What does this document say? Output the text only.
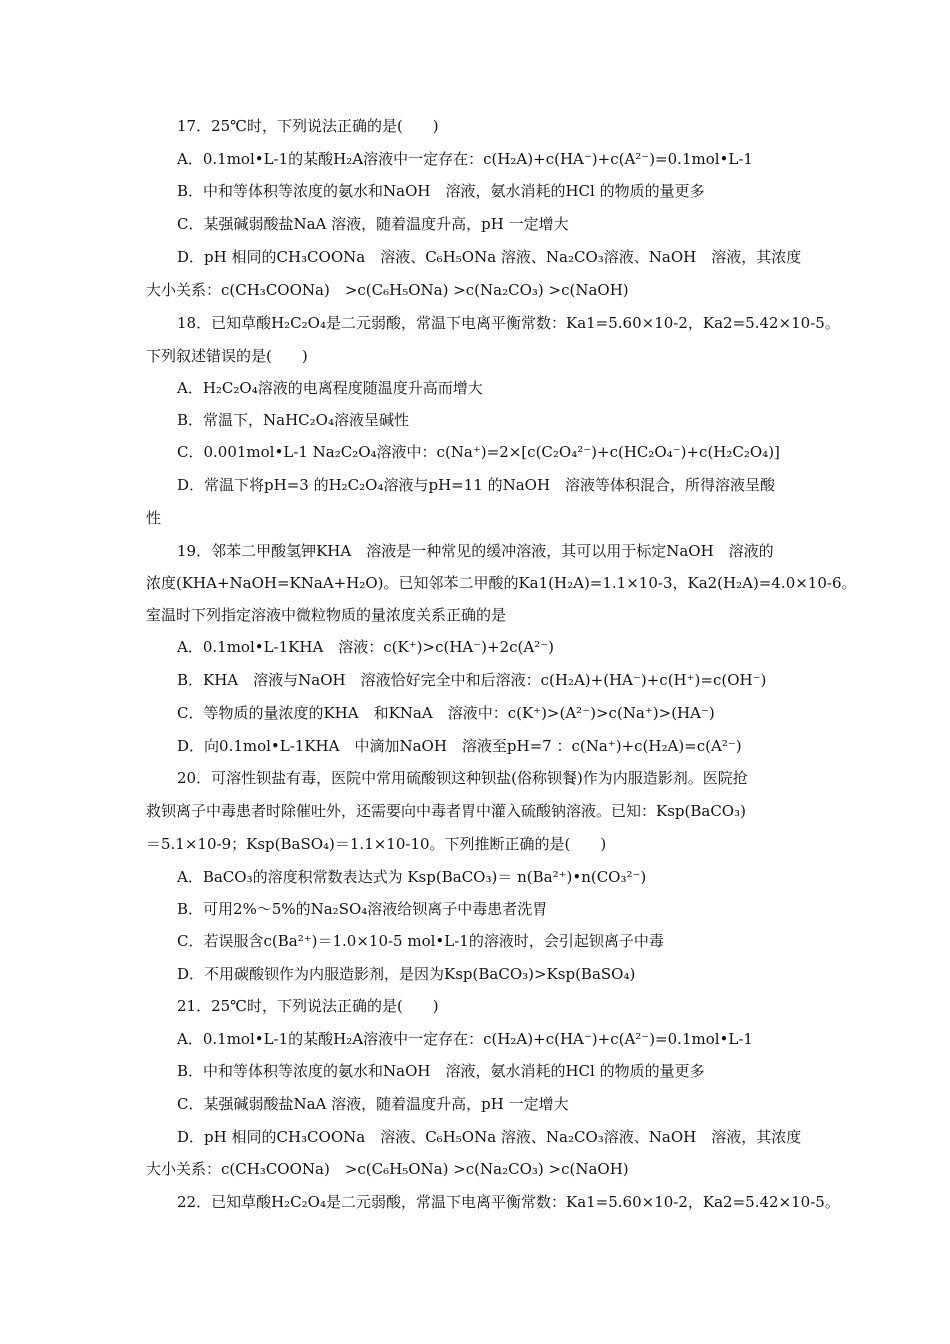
17．25℃时，下列说法正确的是(　　)
A．0.1mol•L-1的某酸H₂A溶液中一定存在：c(H₂A)+c(HA⁻)+c(A²⁻)=0.1mol•L-1
B．中和等体积等浓度的氨水和NaOH　溶液，氨水消耗的HCl 的物质的量更多
C．某强碱弱酸盐NaA 溶液，随着温度升高，pH 一定增大
D．pH 相同的CH₃COONa　溶液、C₆H₅ONa 溶液、Na₂CO₃溶液、NaOH　溶液，其浓度
大小关系：c(CH₃COONa)　>c(C₆H₅ONa) >c(Na₂CO₃) >c(NaOH)
18．已知草酸H₂C₂O₄是二元弱酸，常温下电离平衡常数：Ka1=5.60×10-2，Ka2=5.42×10-5。
下列叙述错误的是(　　)
A．H₂C₂O₄溶液的电离程度随温度升高而增大
B．常温下，NaHC₂O₄溶液呈碱性
C．0.001mol•L-1 Na₂C₂O₄溶液中：c(Na⁺)=2×[c(C₂O₄²⁻)+c(HC₂O₄⁻)+c(H₂C₂O₄)]
D．常温下将pH=3 的H₂C₂O₄溶液与pH=11 的NaOH　溶液等体积混合，所得溶液呈酸
性
19．邻苯二甲酸氢钾KHA　溶液是一种常见的缓冲溶液，其可以用于标定NaOH　溶液的
浓度(KHA+NaOH=KNaA+H₂O)。已知邻苯二甲酸的Ka1(H₂A)=1.1×10-3，Ka2(H₂A)=4.0×10-6。
室温时下列指定溶液中微粒物质的量浓度关系正确的是
A．0.1mol•L-1KHA　溶液：c(K⁺)>c(HA⁻)+2c(A²⁻)
B．KHA　溶液与NaOH　溶液恰好完全中和后溶液：c(H₂A)+(HA⁻)+c(H⁺)=c(OH⁻)
C．等物质的量浓度的KHA　和KNaA　溶液中：c(K⁺)>(A²⁻)>c(Na⁺)>(HA⁻)
D．向0.1mol•L-1KHA　中滴加NaOH　溶液至pH=7 ：c(Na⁺)+c(H₂A)=c(A²⁻)
20．可溶性钡盐有毒，医院中常用硫酸钡这种钡盐(俗称钡餐)作为内服造影剂。医院抢
救钡离子中毒患者时除催吐外，还需要向中毒者胃中灌入硫酸钠溶液。已知：Ksp(BaCO₃)
＝5.1×10-9；Ksp(BaSO₄)＝1.1×10-10。下列推断正确的是(　　)
A．BaCO₃的溶度积常数表达式为 Ksp(BaCO₃)＝ n(Ba²⁺)•n(CO₃²⁻)
B．可用2%～5%的Na₂SO₄溶液给钡离子中毒患者洗胃
C．若误服含c(Ba²⁺)＝1.0×10-5 mol•L-1的溶液时，会引起钡离子中毒
D．不用碳酸钡作为内服造影剂，是因为Ksp(BaCO₃)>Ksp(BaSO₄)
21．25℃时，下列说法正确的是(　　)
A．0.1mol•L-1的某酸H₂A溶液中一定存在：c(H₂A)+c(HA⁻)+c(A²⁻)=0.1mol•L-1
B．中和等体积等浓度的氨水和NaOH　溶液，氨水消耗的HCl 的物质的量更多
C．某强碱弱酸盐NaA 溶液，随着温度升高，pH 一定增大
D．pH 相同的CH₃COONa　溶液、C₆H₅ONa 溶液、Na₂CO₃溶液、NaOH　溶液，其浓度
大小关系：c(CH₃COONa)　>c(C₆H₅ONa) >c(Na₂CO₃) >c(NaOH)
22．已知草酸H₂C₂O₄是二元弱酸，常温下电离平衡常数：Ka1=5.60×10-2，Ka2=5.42×10-5。
